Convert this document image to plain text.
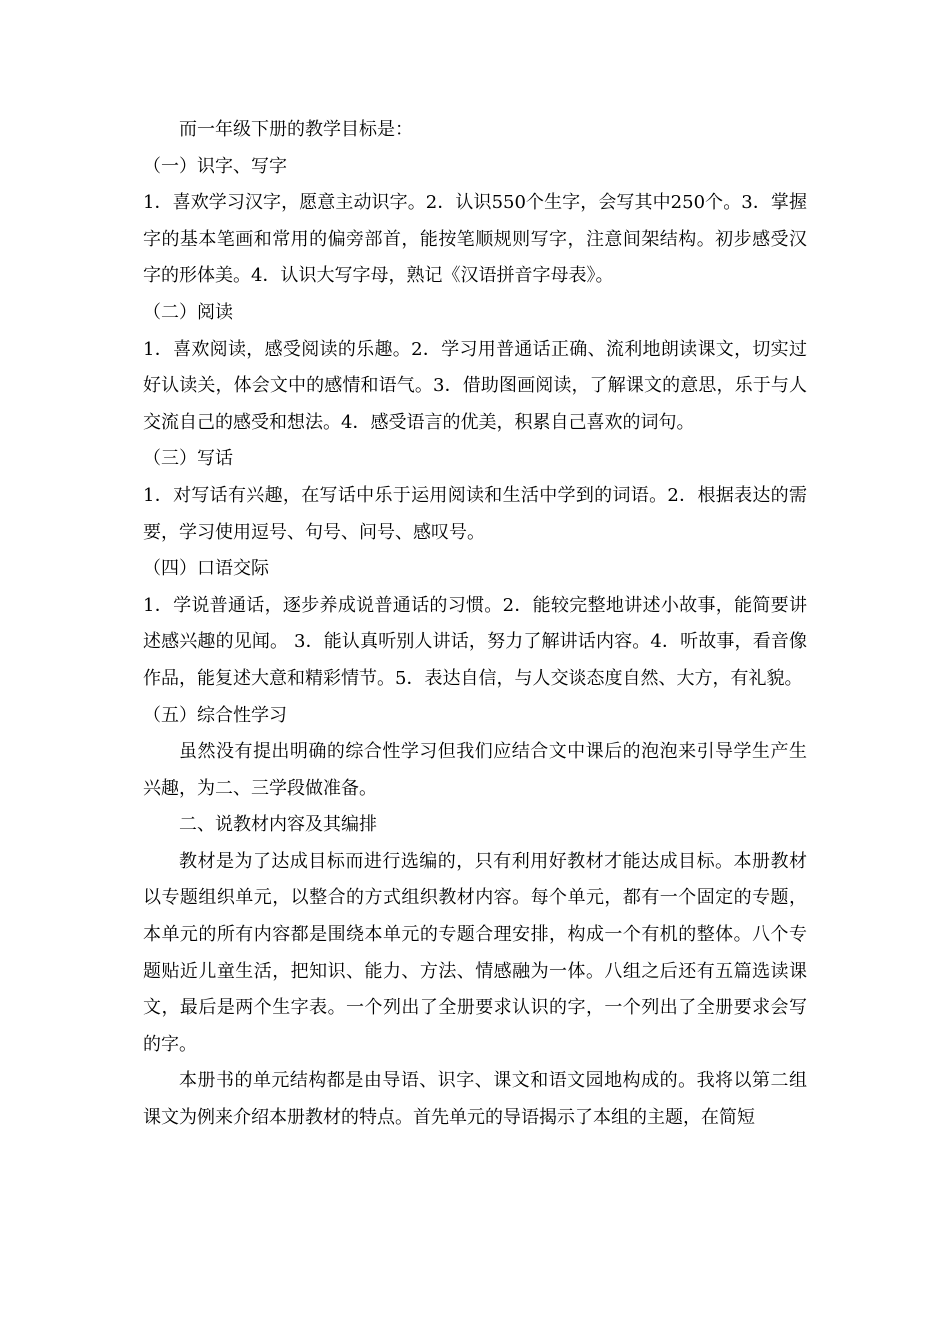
而一年级下册的教学目标是：

（一）识字、写字

1．喜欢学习汉字，愿意主动识字。2．认识550个生字，会写其中250个。3．掌握字的基本笔画和常用的偏旁部首，能按笔顺规则写字，注意间架结构。初步感受汉字的形体美。4．认识大写字母，熟记《汉语拼音字母表》。

（二）阅读

1．喜欢阅读，感受阅读的乐趣。2．学习用普通话正确、流利地朗读课文，切实过好认读关，体会文中的感情和语气。3．借助图画阅读，了解课文的意思，乐于与人交流自己的感受和想法。4．感受语言的优美，积累自己喜欢的词句。

（三）写话

1．对写话有兴趣，在写话中乐于运用阅读和生活中学到的词语。2．根据表达的需要，学习使用逗号、句号、问号、感叹号。

（四）口语交际

1．学说普通话，逐步养成说普通话的习惯。2．能较完整地讲述小故事，能简要讲述感兴趣的见闻。 3．能认真听别人讲话，努力了解讲话内容。4．听故事，看音像作品，能复述大意和精彩情节。5．表达自信，与人交谈态度自然、大方，有礼貌。

（五）综合性学习

虽然没有提出明确的综合性学习但我们应结合文中课后的泡泡来引导学生产生兴趣，为二、三学段做准备。

二、说教材内容及其编排

教材是为了达成目标而进行选编的，只有利用好教材才能达成目标。本册教材以专题组织单元，以整合的方式组织教材内容。每个单元，都有一个固定的专题，本单元的所有内容都是围绕本单元的专题合理安排，构成一个有机的整体。八个专题贴近儿童生活，把知识、能力、方法、情感融为一体。八组之后还有五篇选读课文，最后是两个生字表。一个列出了全册要求认识的字，一个列出了全册要求会写的字。

本册书的单元结构都是由导语、识字、课文和语文园地构成的。我将以第二组课文为例来介绍本册教材的特点。首先单元的导语揭示了本组的主题，在简短
